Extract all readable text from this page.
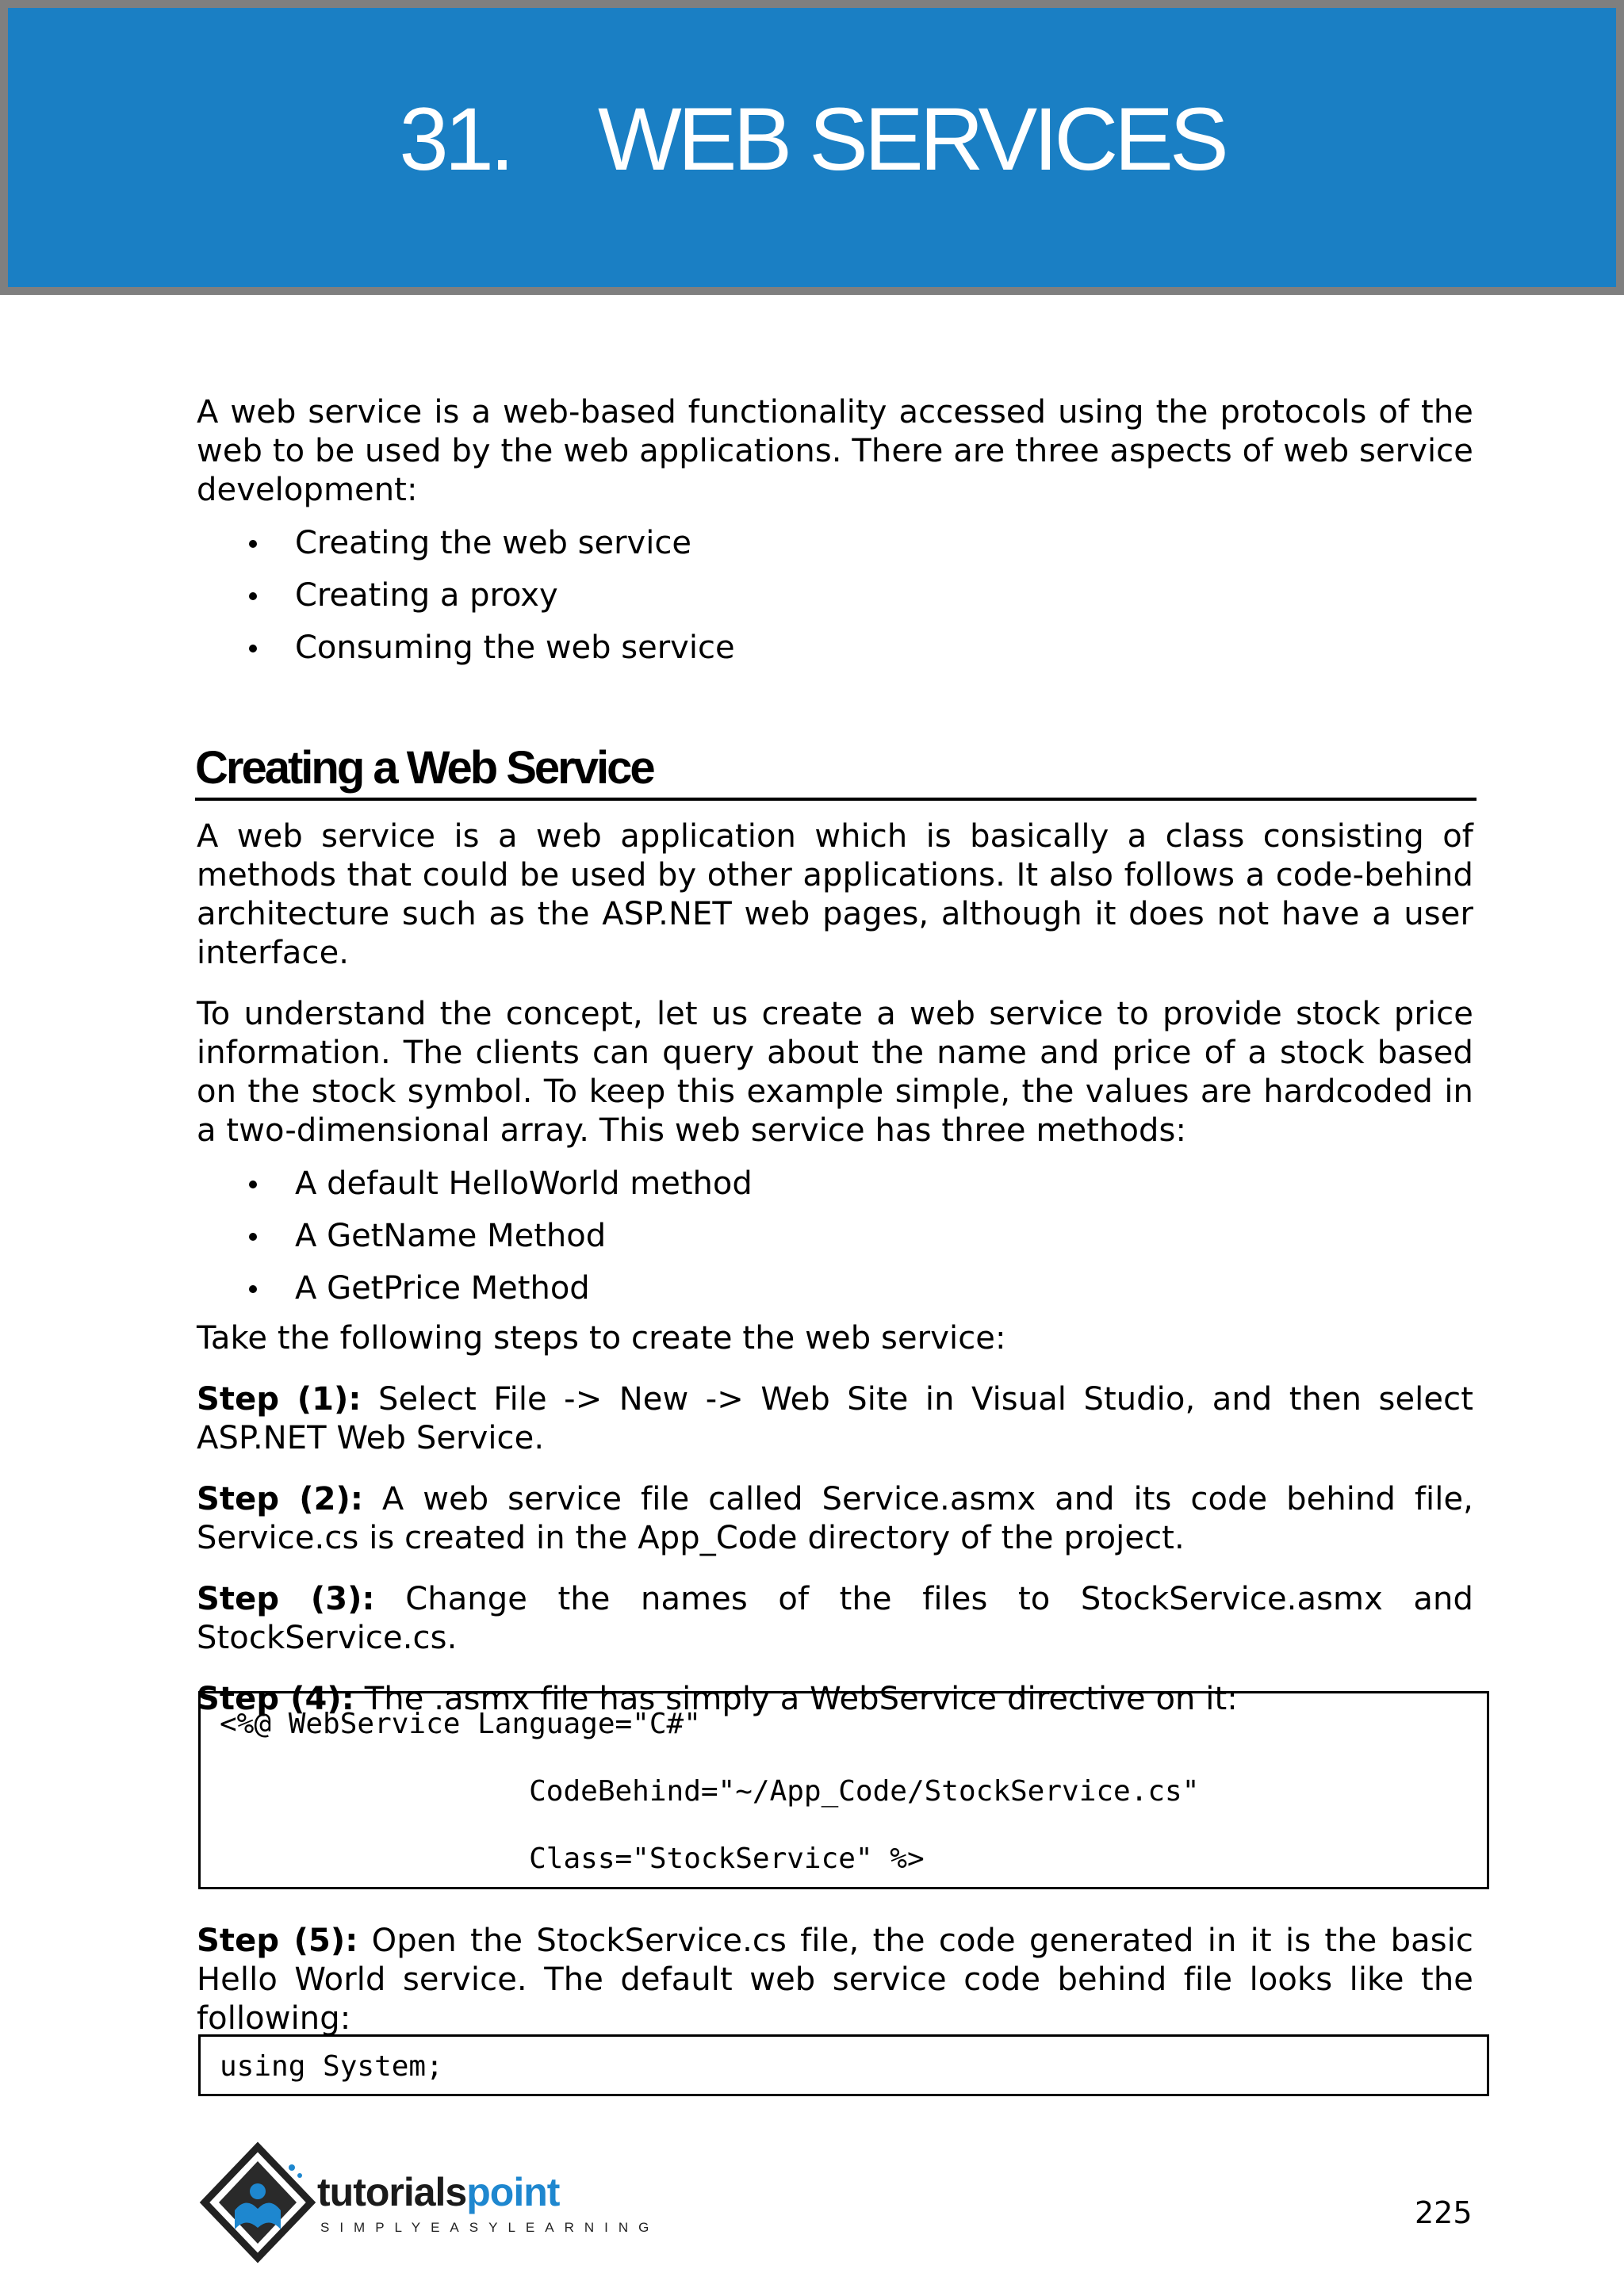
31. WEB SERVICES

A web service is a web-based functionality accessed using the protocols of the web to be used by the web applications. There are three aspects of web service development:

Creating the web service
Creating a proxy
Consuming the web service
Creating a Web Service

A web service is a web application which is basically a class consisting of methods that could be used by other applications. It also follows a code-behind architecture such as the ASP.NET web pages, although it does not have a user interface.

To understand the concept, let us create a web service to provide stock price information. The clients can query about the name and price of a stock based on the stock symbol. To keep this example simple, the values are hardcoded in a two-dimensional array. This web service has three methods:

A default HelloWorld method
A GetName Method
A GetPrice Method

Take the following steps to create the web service:

Step (1): Select File -> New -> Web Site in Visual Studio, and then select ASP.NET Web Service.

Step (2): A web service file called Service.asmx and its code behind file, Service.cs is created in the App_Code directory of the project.

Step (3): Change the names of the files to StockService.asmx and StockService.cs.

Step (4): The .asmx file has simply a WebService directive on it:

<%@ WebService Language="C#"
CodeBehind="~/App_Code/StockService.cs"
Class="StockService" %>

Step (5): Open the StockService.cs file, the code generated in it is the basic Hello World service. The default web service code behind file looks like the following:

using System;
tutorialspoint
SIMPLYEASYLEARNING	225
